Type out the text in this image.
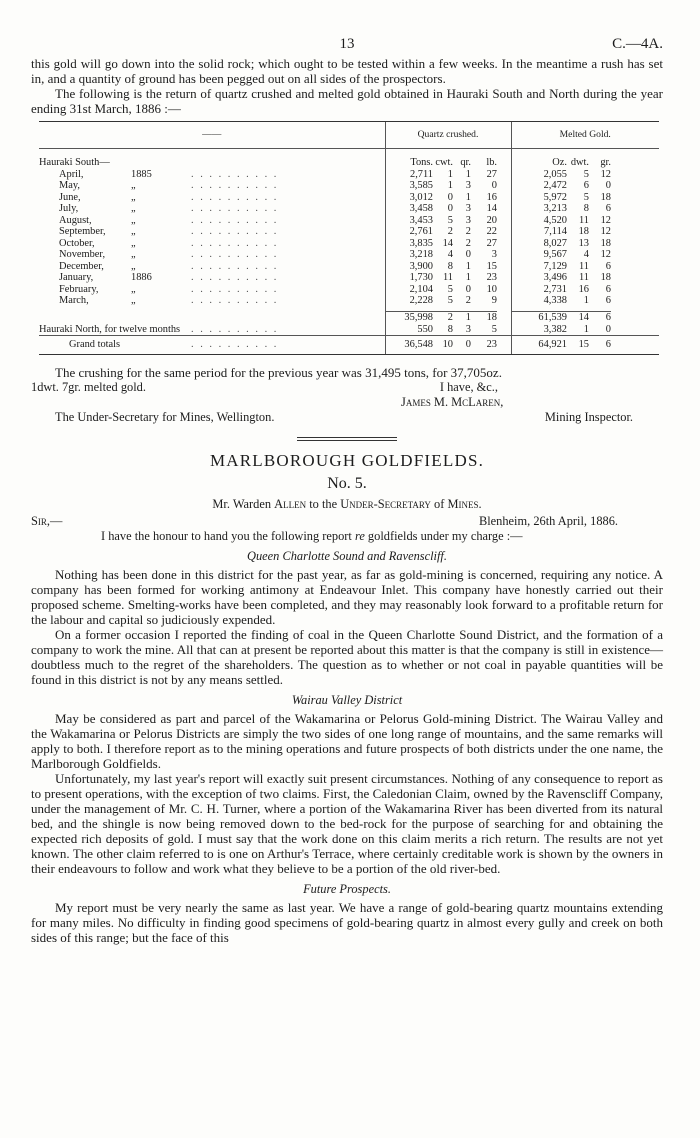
13	C.—4A.

this gold will go down into the solid rock; which ought to be tested within a few weeks. In the meantime a rush has set in, and a quantity of ground has been pegged out on all sides of the prospectors.

The following is the return of quartz crushed and melted gold obtained in Hauraki South and North during the year ending 31st March, 1886 :—

——			Quartz crushed.					Melted Gold.			

Hauraki South—			Tons.	cwt.	qr.	lb.		Oz.	dwt.	gr.	
April,	1885	. . . . . . . . . .	2,711	1	1	27		2,055	5	12	
May,	„	. . . . . . . . . .	3,585	1	3	0		2,472	6	0	
June,	„	. . . . . . . . . .	3,012	0	1	16		5,972	5	18	
July,	„	. . . . . . . . . .	3,458	0	3	14		3,213	8	6	
August,	„	. . . . . . . . . .	3,453	5	3	20		4,520	11	12	
September,	„	. . . . . . . . . .	2,761	2	2	22		7,114	18	12	
October,	„	. . . . . . . . . .	3,835	14	2	27		8,027	13	18	
November,	„	. . . . . . . . . .	3,218	4	0	3		9,567	4	12	
December,	„	. . . . . . . . . .	3,900	8	1	15		7,129	11	6	
January,	1886	. . . . . . . . . .	1,730	11	1	23		3,496	11	18	
February,	„	. . . . . . . . . .	2,104	5	0	10		2,731	16	6	
March,	„	. . . . . . . . . .	2,228	5	2	9		4,338	1	6	

			35,998	2	1	18		61,539	14	6	
Hauraki North, for twelve months		. . . . . . . . . .	550	8	3	5		3,382	1	0	
Grand totals		. . . . . . . . . .	36,548	10	0	23		64,921	15	6	

The crushing for the same period for the previous year was 31,495 tons, for 37,705oz.

1dwt. 7gr. melted gold.	I have, &c.,
James M. McLaren,
The Under-Secretary for Mines, Wellington.	Mining Inspector.
MARLBOROUGH GOLDFIELDS.
No. 5.
Mr. Warden Allen to the Under-Secretary of Mines.
Sir,—	Blenheim, 26th April, 1886.

I have the honour to hand you the following report re goldfields under my charge :—

Queen Charlotte Sound and Ravenscliff.

Nothing has been done in this district for the past year, as far as gold-mining is concerned, requiring any notice. A company has been formed for working antimony at Endeavour Inlet. This company have honestly carried out their proposed scheme. Smelting-works have been completed, and they may reasonably look forward to a profitable return for the labour and capital so judiciously expended.

On a former occasion I reported the finding of coal in the Queen Charlotte Sound District, and the formation of a company to work the mine. All that can at present be reported about this matter is that the company is still in existence—doubtless much to the regret of the shareholders. The question as to whether or not coal in payable quantities will be found in this district is not by any means settled.

Wairau Valley District

May be considered as part and parcel of the Wakamarina or Pelorus Gold-mining District. The Wairau Valley and the Wakamarina or Pelorus Districts are simply the two sides of one long range of mountains, and the same remarks will apply to both. I therefore report as to the mining operations and future prospects of both districts under the one name, the Marlborough Goldfields.

Unfortunately, my last year's report will exactly suit present circumstances. Nothing of any consequence to report as to present operations, with the exception of two claims. First, the Caledonian Claim, owned by the Ravenscliff Company, under the management of Mr. C. H. Turner, where a portion of the Wakamarina River has been diverted from its natural bed, and the shingle is now being removed down to the bed-rock for the purpose of searching for and obtaining the expected rich deposits of gold. I must say that the work done on this claim merits a rich return. The results are not yet known. The other claim referred to is one on Arthur's Terrace, where certainly creditable work is shown by the owners in their endeavours to follow and work what they believe to be a portion of the old river-bed.

Future Prospects.

My report must be very nearly the same as last year. We have a range of gold-bearing quartz mountains extending for many miles. No difficulty in finding good specimens of gold-bearing quartz in almost every gully and creek on both sides of this range; but the face of this
